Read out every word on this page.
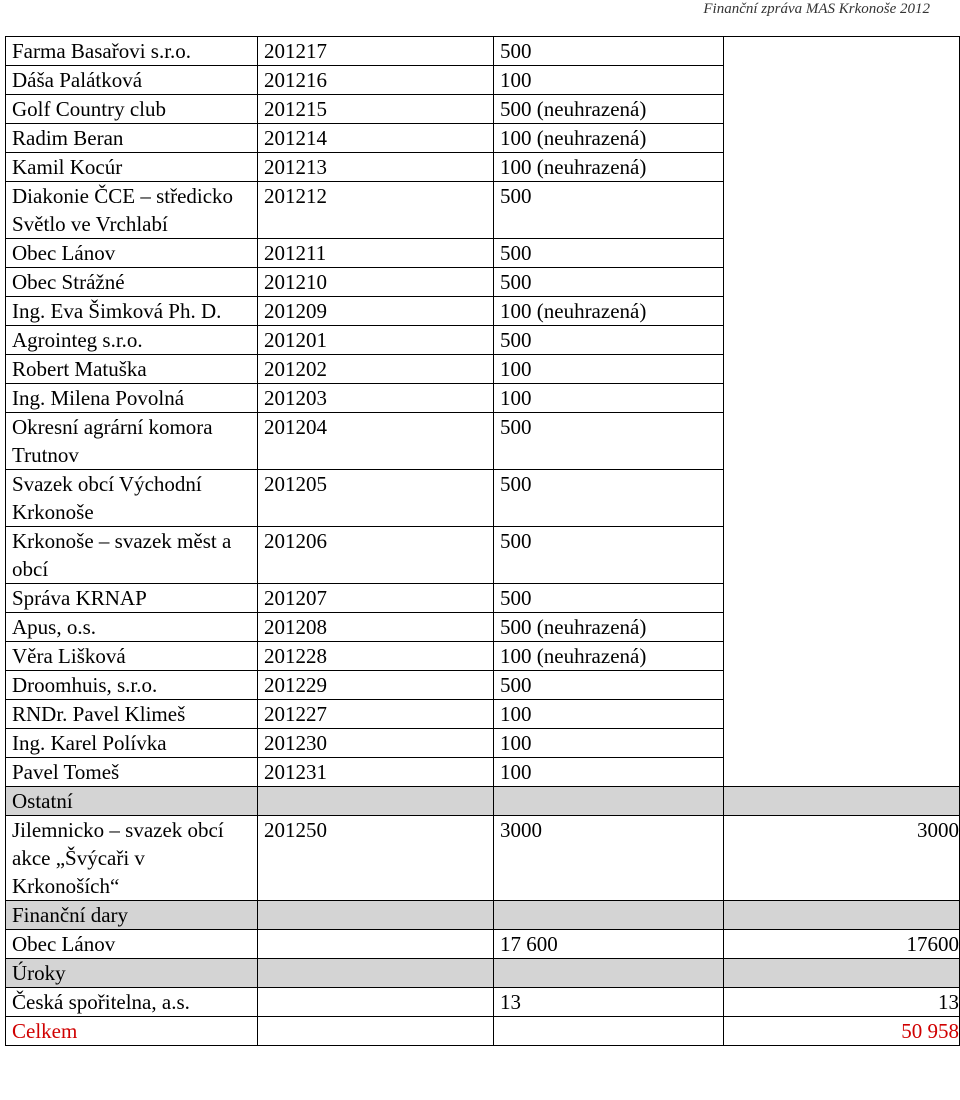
Finanční zpráva MAS Krkonoše 2012
Farma Basařovi s.r.o.	201217	500	
Dáša Palátková	201216	100	
Golf Country club	201215	500 (neuhrazená)	
Radim Beran	201214	100 (neuhrazená)	
Kamil Kocúr	201213	100 (neuhrazená)	
Diakonie ČCE – středicko Světlo ve Vrchlabí	201212	500	
Obec Lánov	201211	500	
Obec Strážné	201210	500	
Ing. Eva Šimková Ph. D.	201209	100 (neuhrazená)	
Agrointeg s.r.o.	201201	500	
Robert Matuška	201202	100	
Ing. Milena Povolná	201203	100	
Okresní agrární komora Trutnov	201204	500	
Svazek obcí Východní Krkonoše	201205	500	
Krkonoše – svazek měst a obcí	201206	500	
Správa KRNAP	201207	500	
Apus, o.s.	201208	500 (neuhrazená)	
Věra Lišková	201228	100 (neuhrazená)	
Droomhuis, s.r.o.	201229	500	
RNDr. Pavel Klimeš	201227	100	
Ing. Karel Polívka	201230	100	
Pavel Tomeš	201231	100	
Ostatní			
Jilemnicko – svazek obcí akce „Švýcaři v Krkonoších“	201250	3000	3000
Finanční dary			
Obec Lánov		17 600	17600
Úroky			
Česká spořitelna, a.s.		13	13
Celkem			50 958
